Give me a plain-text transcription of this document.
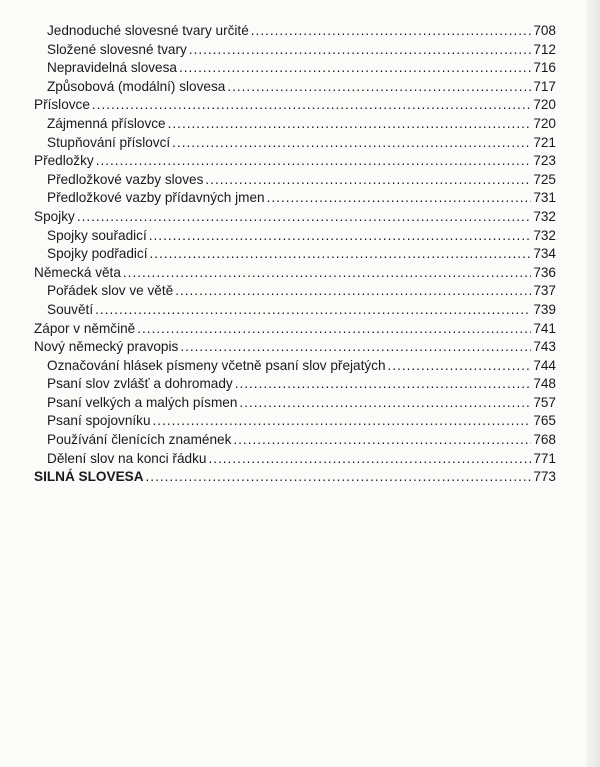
Jednoduché slovesné tvary určité .....	708
Složené slovesné tvary .....	712
Nepravidelná slovesa .....	716
Způsobová (modální) slovesa .....	717
Příslovce .....	720
Zájmenná příslovce .....	720
Stupňování příslovcí .....	721
Předložky .....	723
Předložkové vazby sloves .....	725
Předložkové vazby přídavných jmen .....	731
Spojky .....	732
Spojky souřadicí .....	732
Spojky podřadicí .....	734
Německá věta .....	736
Pořádek slov ve větě .....	737
Souvětí .....	739
Zápor v němčině .....	741
Nový německý pravopis .....	743
Označování hlásek písmeny včetně psaní slov přejatých .....	744
Psaní slov zvlášť a dohromady .....	748
Psaní velkých a malých písmen .....	757
Psaní spojovníku .....	765
Používání členících znamének .....	768
Dělení slov na konci řádku .....	771
SILNÁ SLOVESA .....	773
